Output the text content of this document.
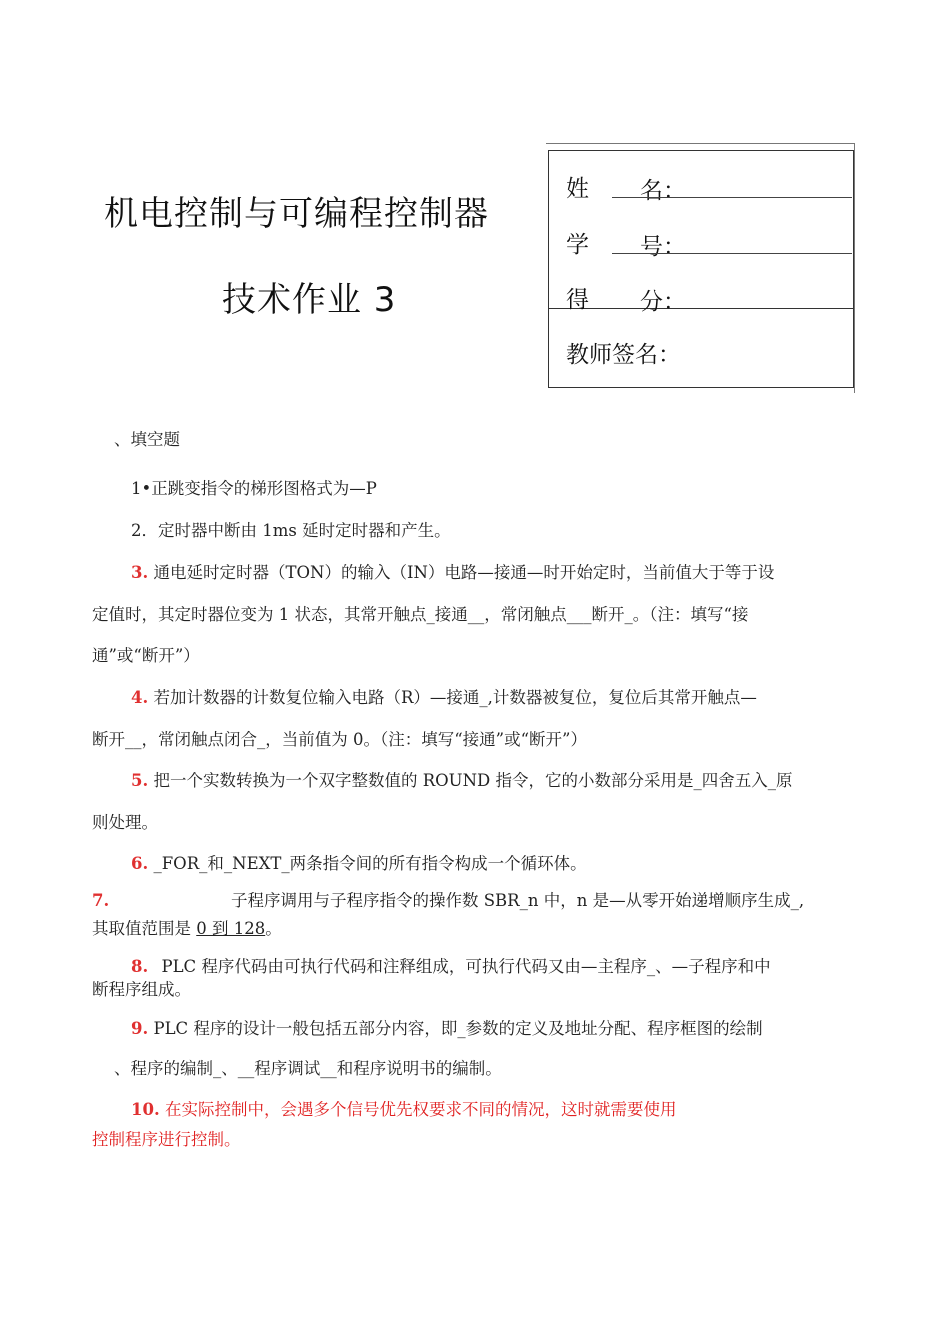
机电控制与可编程控制器
技术作业 3
姓 名：
学 号：
得 分：
教师签名：
、填空题
1•正跳变指令的梯形图格式为—P
2．定时器中断由 1ms 延时定时器和产生。
3. 通电延时定时器（TON）的输入（IN）电路—接通—时开始定时，当前值大于等于设
定值时，其定时器位变为 1 状态，其常开触点_接通__，常闭触点___断开_。（注：填写“接
通”或“断开”）
4. 若加计数器的计数复位输入电路（R）—接通_,计数器被复位，复位后其常开触点—
断开__，常闭触点闭合_，当前值为 0。（注：填写“接通”或“断开”）
5. 把一个实数转换为一个双字整数值的 ROUND 指令，它的小数部分采用是_四舍五入_原
则处理。
6. _FOR_和_NEXT_两条指令间的所有指令构成一个循环体。
7.	子程序调用与子程序指令的操作数 SBR_n 中，n 是—从零开始递增顺序生成_,
其取值范围是 0 到 128。
8. PLC 程序代码由可执行代码和注释组成，可执行代码又由—主程序_、—子程序和中
断程序组成。
9. PLC 程序的设计一般包括五部分内容，即_参数的定义及地址分配、程序框图的绘制
、程序的编制_、__程序调试__和程序说明书的编制。
10. 在实际控制中，会遇多个信号优先权要求不同的情况，这时就需要使用
控制程序进行控制。
